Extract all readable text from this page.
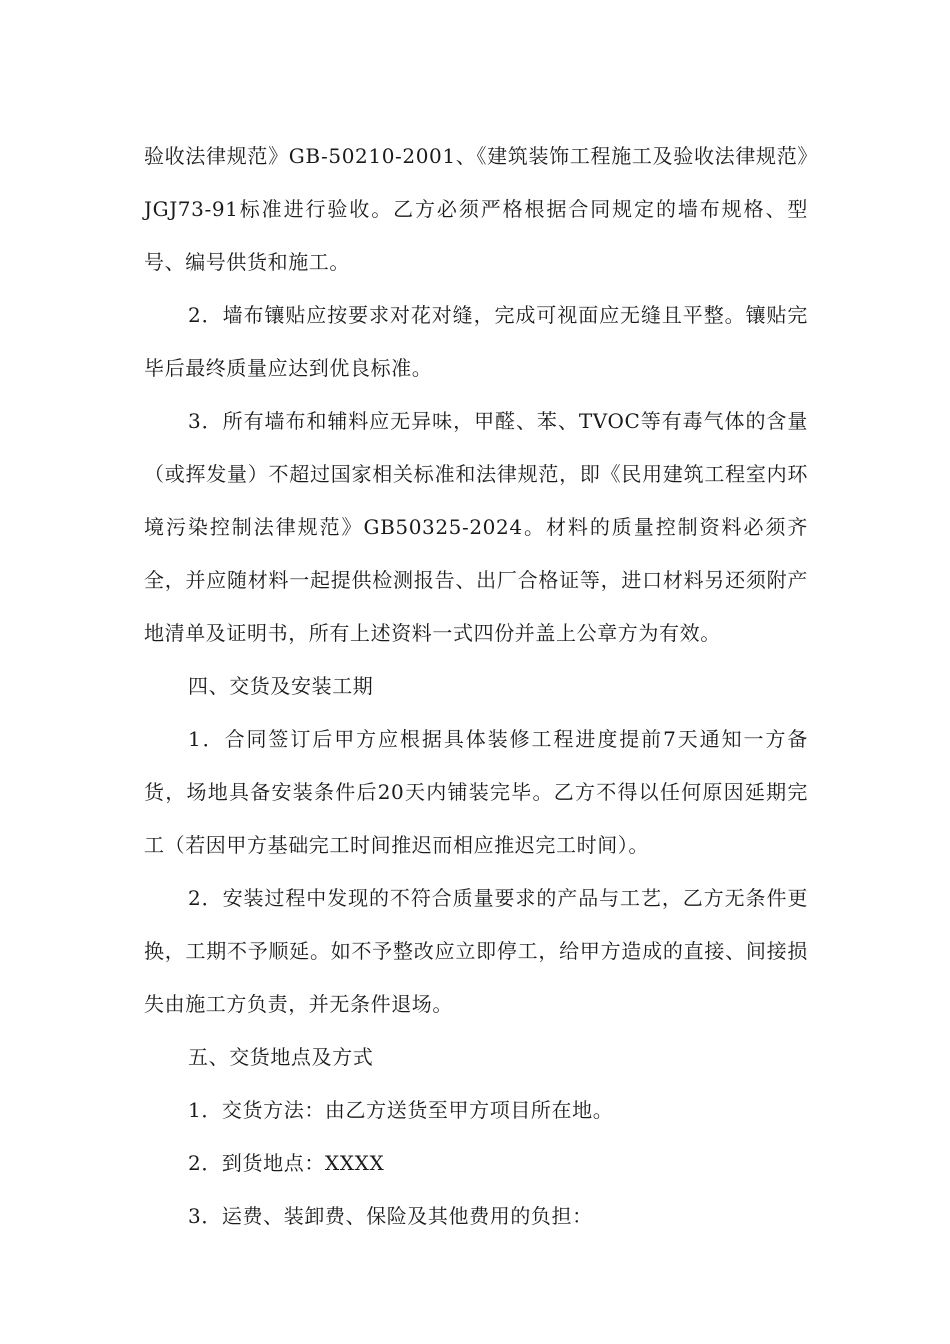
验收法律规范》GB-50210-2001、《建筑装饰工程施工及验收法律规范》JGJ73-91标准进行验收。乙方必须严格根据合同规定的墙布规格、型号、编号供货和施工。

2．墙布镶贴应按要求对花对缝，完成可视面应无缝且平整。镶贴完毕后最终质量应达到优良标准。

3．所有墙布和辅料应无异味，甲醛、苯、TVOC等有毒气体的含量（或挥发量）不超过国家相关标准和法律规范，即《民用建筑工程室内环境污染控制法律规范》GB50325-2024。材料的质量控制资料必须齐全，并应随材料一起提供检测报告、出厂合格证等，进口材料另还须附产地清单及证明书，所有上述资料一式四份并盖上公章方为有效。

四、交货及安装工期

1．合同签订后甲方应根据具体装修工程进度提前7天通知一方备货，场地具备安装条件后20天内铺装完毕。乙方不得以任何原因延期完工（若因甲方基础完工时间推迟而相应推迟完工时间）。

2．安装过程中发现的不符合质量要求的产品与工艺，乙方无条件更换，工期不予顺延。如不予整改应立即停工，给甲方造成的直接、间接损失由施工方负责，并无条件退场。

五、交货地点及方式

1．交货方法：由乙方送货至甲方项目所在地。

2．到货地点：XXXX

3．运费、装卸费、保险及其他费用的负担：
